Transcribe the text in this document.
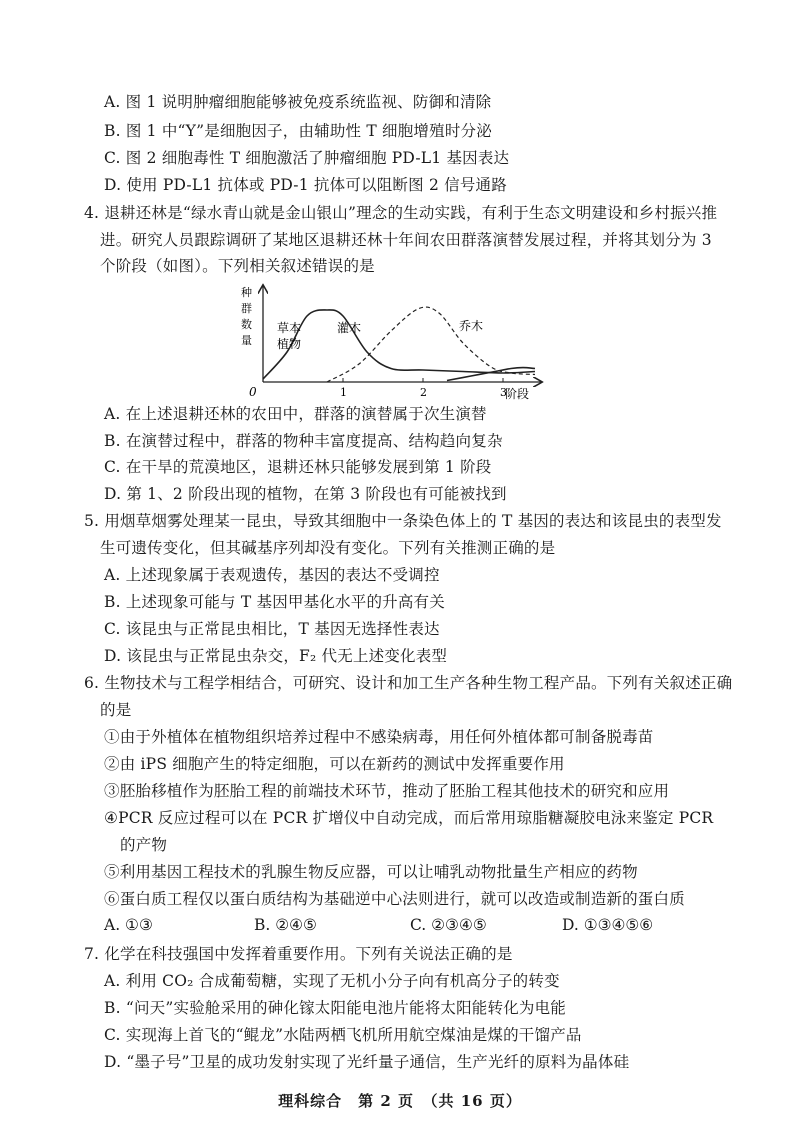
A. 图 1 说明肿瘤细胞能够被免疫系统监视、防御和清除
B. 图 1 中“Y”是细胞因子，由辅助性 T 细胞增殖时分泌
C. 图 2 细胞毒性 T 细胞激活了肿瘤细胞 PD-L1 基因表达
D. 使用 PD-L1 抗体或 PD-1 抗体可以阻断图 2 信号通路
4. 退耕还林是“绿水青山就是金山银山”理念的生动实践，有利于生态文明建设和乡村振兴推
进。研究人员跟踪调研了某地区退耕还林十年间农田群落演替发展过程，并将其划分为 3
个阶段（如图）。下列相关叙述错误的是
种
群
数
量
阶段
0	1	2	3
草本
植物
灌木	乔木
A. 在上述退耕还林的农田中，群落的演替属于次生演替
B. 在演替过程中，群落的物种丰富度提高、结构趋向复杂
C. 在干旱的荒漠地区，退耕还林只能够发展到第 1 阶段
D. 第 1、2 阶段出现的植物，在第 3 阶段也有可能被找到
5. 用烟草烟雾处理某一昆虫，导致其细胞中一条染色体上的 T 基因的表达和该昆虫的表型发
生可遗传变化，但其碱基序列却没有变化。下列有关推测正确的是
A. 上述现象属于表观遗传，基因的表达不受调控
B. 上述现象可能与 T 基因甲基化水平的升高有关
C. 该昆虫与正常昆虫相比，T 基因无选择性表达
D. 该昆虫与正常昆虫杂交，F₂ 代无上述变化表型
6. 生物技术与工程学相结合，可研究、设计和加工生产各种生物工程产品。下列有关叙述正确
的是
①由于外植体在植物组织培养过程中不感染病毒，用任何外植体都可制备脱毒苗
②由 iPS 细胞产生的特定细胞，可以在新药的测试中发挥重要作用
③胚胎移植作为胚胎工程的前端技术环节，推动了胚胎工程其他技术的研究和应用
④PCR 反应过程可以在 PCR 扩增仪中自动完成，而后常用琼脂糖凝胶电泳来鉴定 PCR
的产物
⑤利用基因工程技术的乳腺生物反应器，可以让哺乳动物批量生产相应的药物
⑥蛋白质工程仅以蛋白质结构为基础逆中心法则进行，就可以改造或制造新的蛋白质
A. ①③	B. ②④⑤	C. ②③④⑤	D. ①③④⑤⑥
7. 化学在科技强国中发挥着重要作用。下列有关说法正确的是
A. 利用 CO₂ 合成葡萄糖，实现了无机小分子向有机高分子的转变
B. “问天”实验舱采用的砷化镓太阳能电池片能将太阳能转化为电能
C. 实现海上首飞的“鲲龙”水陆两栖飞机所用航空煤油是煤的干馏产品
D. “墨子号”卫星的成功发射实现了光纤量子通信，生产光纤的原料为晶体硅
理科综合　第 2 页　（共 16 页）
